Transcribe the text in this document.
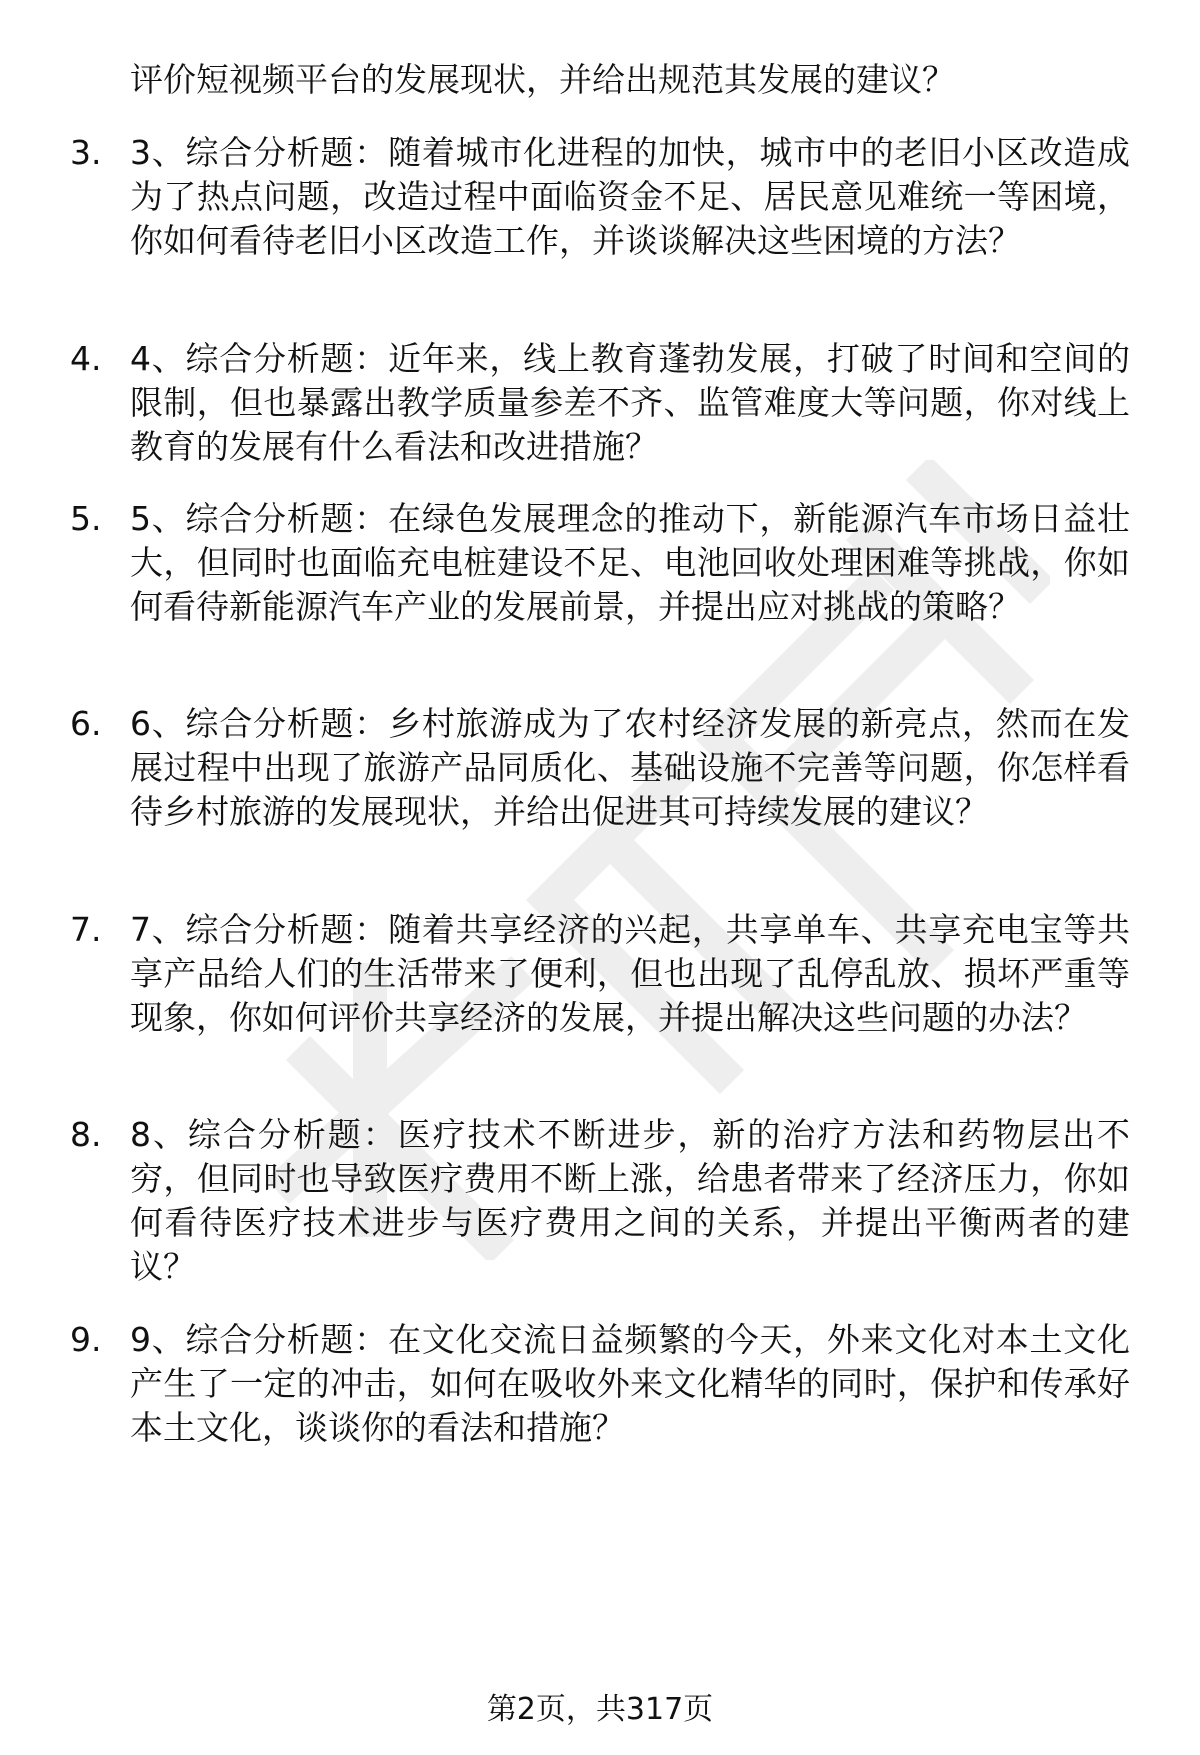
评价短视频平台的发展现状，并给出规范其发展的建议？

3. 3、综合分析题：随着城市化进程的加快，城市中的老旧小区改造成为了热点问题，改造过程中面临资金不足、居民意见难统一等困境，你如何看待老旧小区改造工作，并谈谈解决这些困境的方法？

4. 4、综合分析题：近年来，线上教育蓬勃发展，打破了时间和空间的限制，但也暴露出教学质量参差不齐、监管难度大等问题，你对线上教育的发展有什么看法和改进措施？

5. 5、综合分析题：在绿色发展理念的推动下，新能源汽车市场日益壮大，但同时也面临充电桩建设不足、电池回收处理困难等挑战，你如何看待新能源汽车产业的发展前景，并提出应对挑战的策略？

6. 6、综合分析题：乡村旅游成为了农村经济发展的新亮点，然而在发展过程中出现了旅游产品同质化、基础设施不完善等问题，你怎样看待乡村旅游的发展现状，并给出促进其可持续发展的建议？

7. 7、综合分析题：随着共享经济的兴起，共享单车、共享充电宝等共享产品给人们的生活带来了便利，但也出现了乱停乱放、损坏严重等现象，你如何评价共享经济的发展，并提出解决这些问题的办法？

8. 8、综合分析题：医疗技术不断进步，新的治疗方法和药物层出不穷，但同时也导致医疗费用不断上涨，给患者带来了经济压力，你如何看待医疗技术进步与医疗费用之间的关系，并提出平衡两者的建议？

9. 9、综合分析题：在文化交流日益频繁的今天，外来文化对本土文化产生了一定的冲击，如何在吸收外来文化精华的同时，保护和传承好本土文化，谈谈你的看法和措施？

第2页，共317页
